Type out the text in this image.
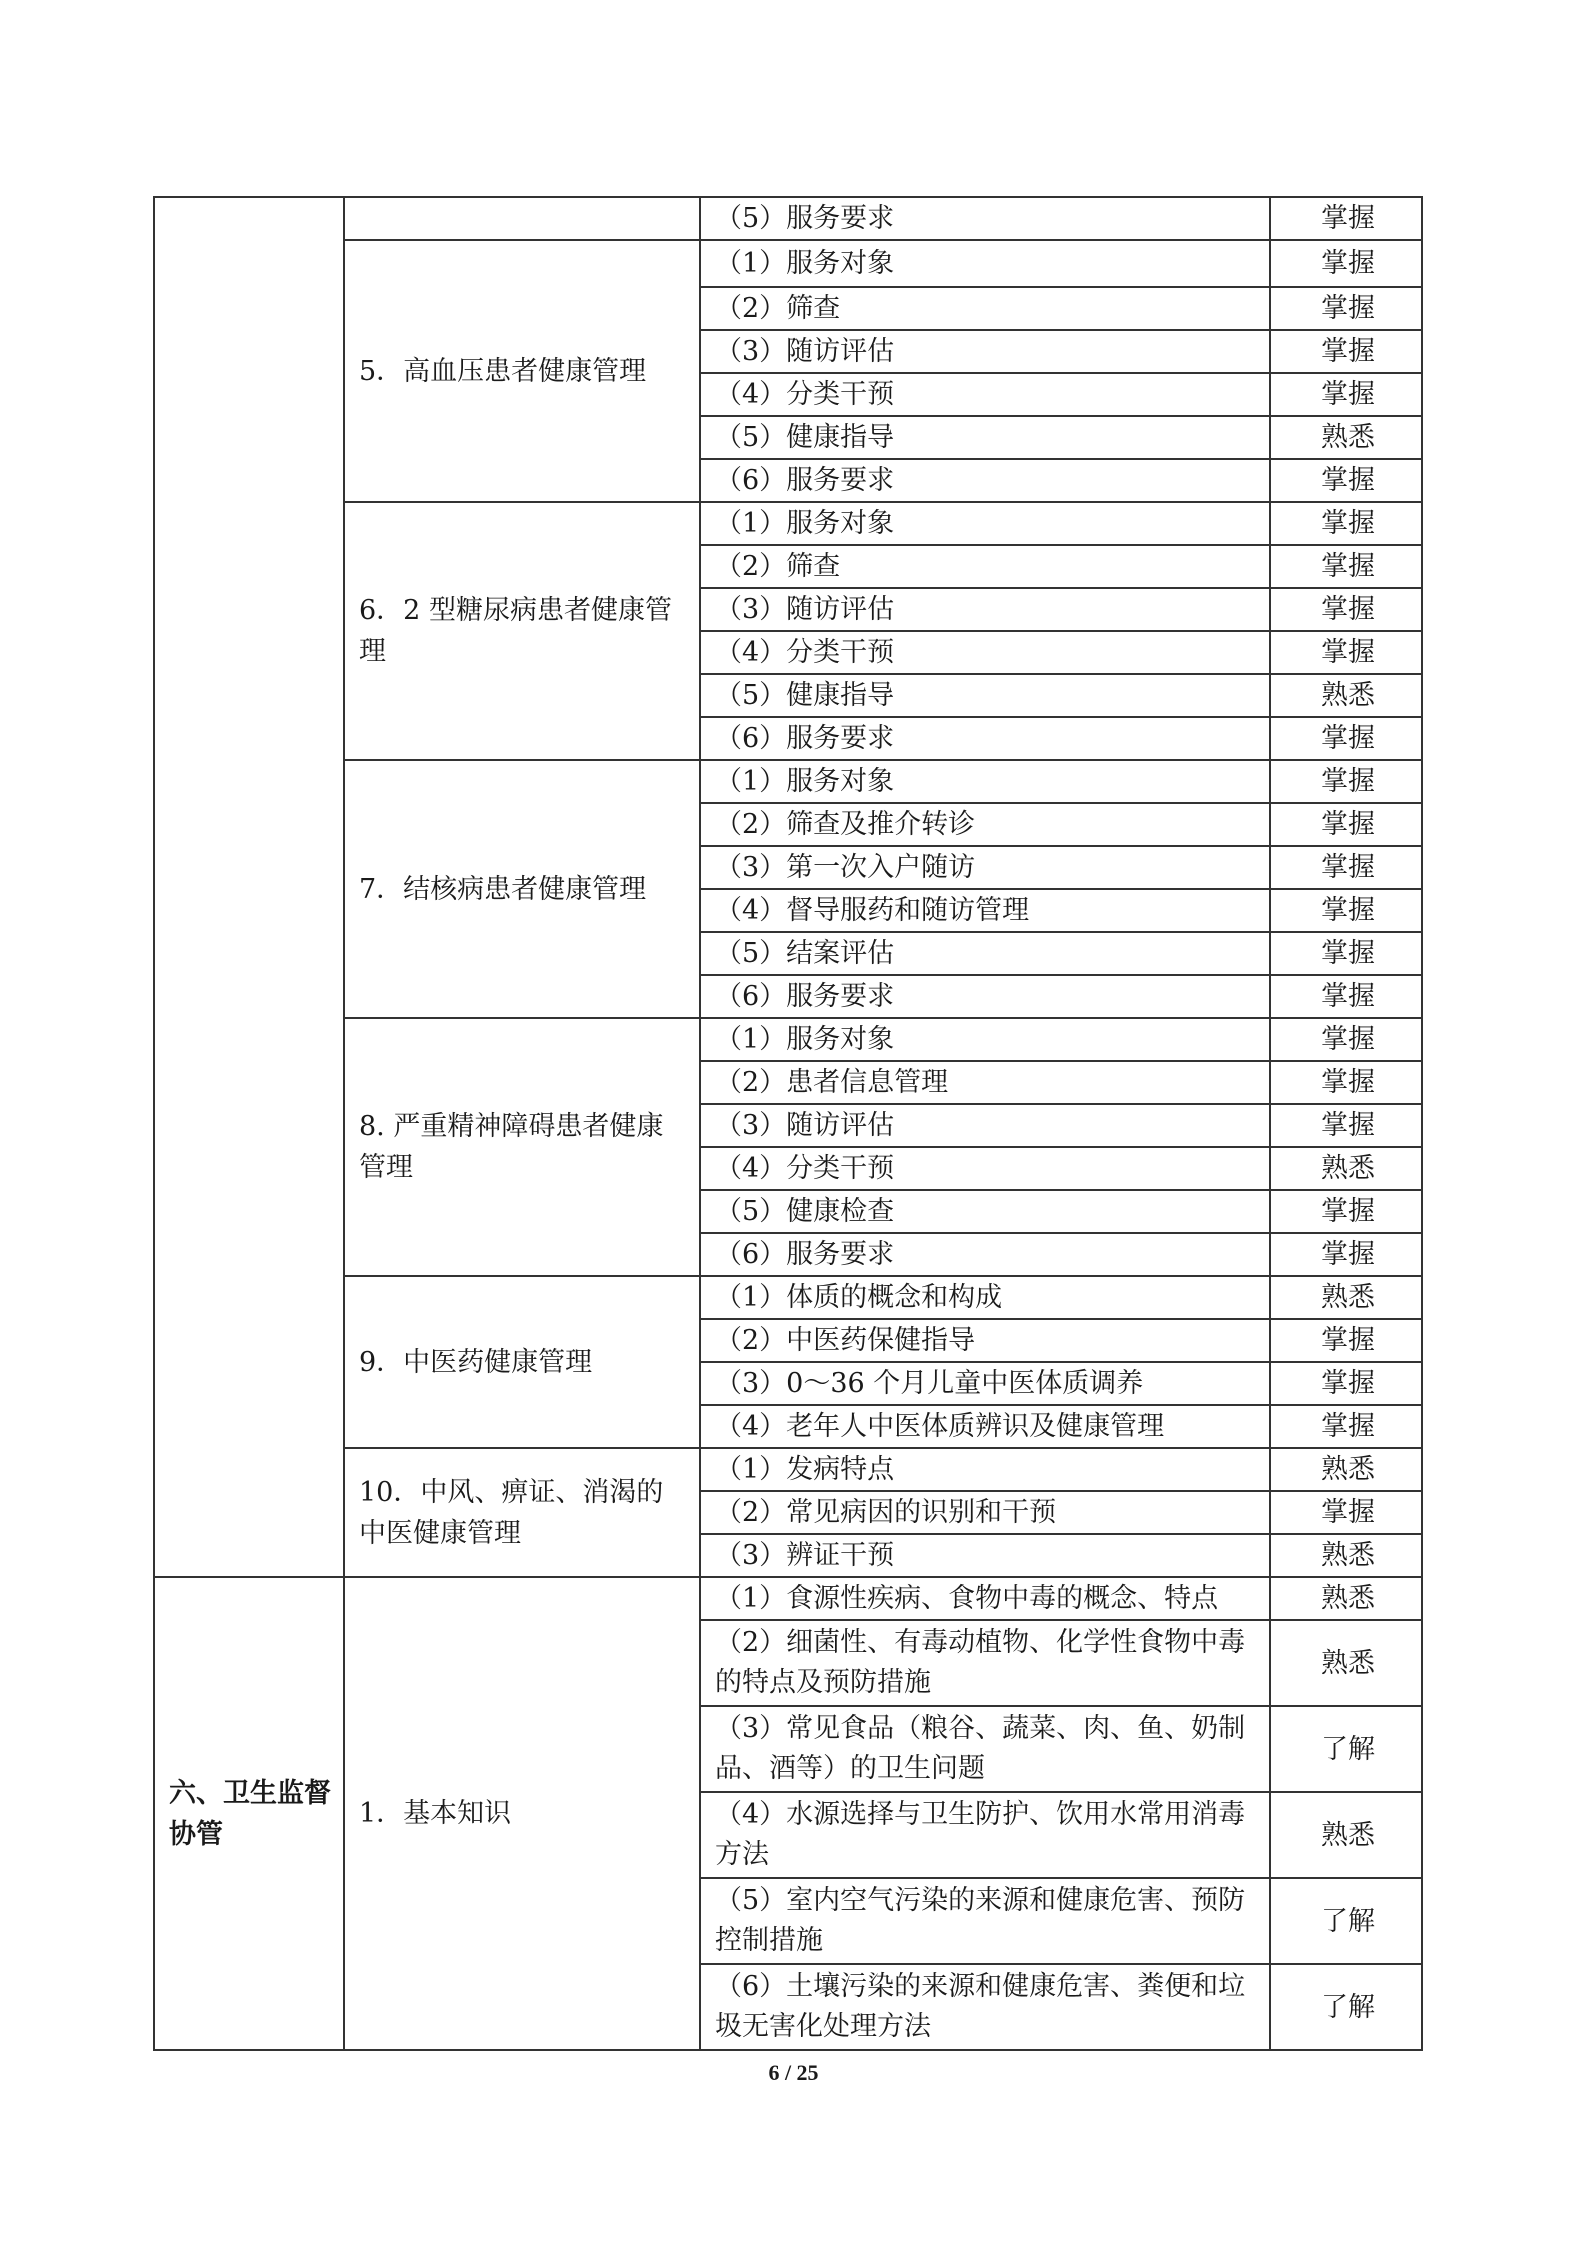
		（5）服务要求	掌握
	5．高血压患者健康管理	（1）服务对象	掌握
		（2）筛查	掌握
		（3）随访评估	掌握
		（4）分类干预	掌握
		（5）健康指导	熟悉
		（6）服务要求	掌握
	6．2 型糖尿病患者健康管理	（1）服务对象	掌握
		（2）筛查	掌握
		（3）随访评估	掌握
		（4）分类干预	掌握
		（5）健康指导	熟悉
		（6）服务要求	掌握
	7．结核病患者健康管理	（1）服务对象	掌握
		（2）筛查及推介转诊	掌握
		（3）第一次入户随访	掌握
		（4）督导服药和随访管理	掌握
		（5）结案评估	掌握
		（6）服务要求	掌握
	8. 严重精神障碍患者健康管理	（1）服务对象	掌握
		（2）患者信息管理	掌握
		（3）随访评估	掌握
		（4）分类干预	熟悉
		（5）健康检查	掌握
		（6）服务要求	掌握
	9．中医药健康管理	（1）体质的概念和构成	熟悉
		（2）中医药保健指导	掌握
		（3）0～36 个月儿童中医体质调养	掌握
		（4）老年人中医体质辨识及健康管理	掌握
	10．中风、痹证、消渴的中医健康管理	（1）发病特点	熟悉
		（2）常见病因的识别和干预	掌握
		（3）辨证干预	熟悉
六、卫生监督协管	1．基本知识	（1）食源性疾病、食物中毒的概念、特点	熟悉
		（2）细菌性、有毒动植物、化学性食物中毒的特点及预防措施	熟悉
		（3）常见食品（粮谷、蔬菜、肉、鱼、奶制品、酒等）的卫生问题	了解
		（4）水源选择与卫生防护、饮用水常用消毒方法	熟悉
		（5）室内空气污染的来源和健康危害、预防控制措施	了解
		（6）土壤污染的来源和健康危害、粪便和垃圾无害化处理方法	了解
6 / 25
